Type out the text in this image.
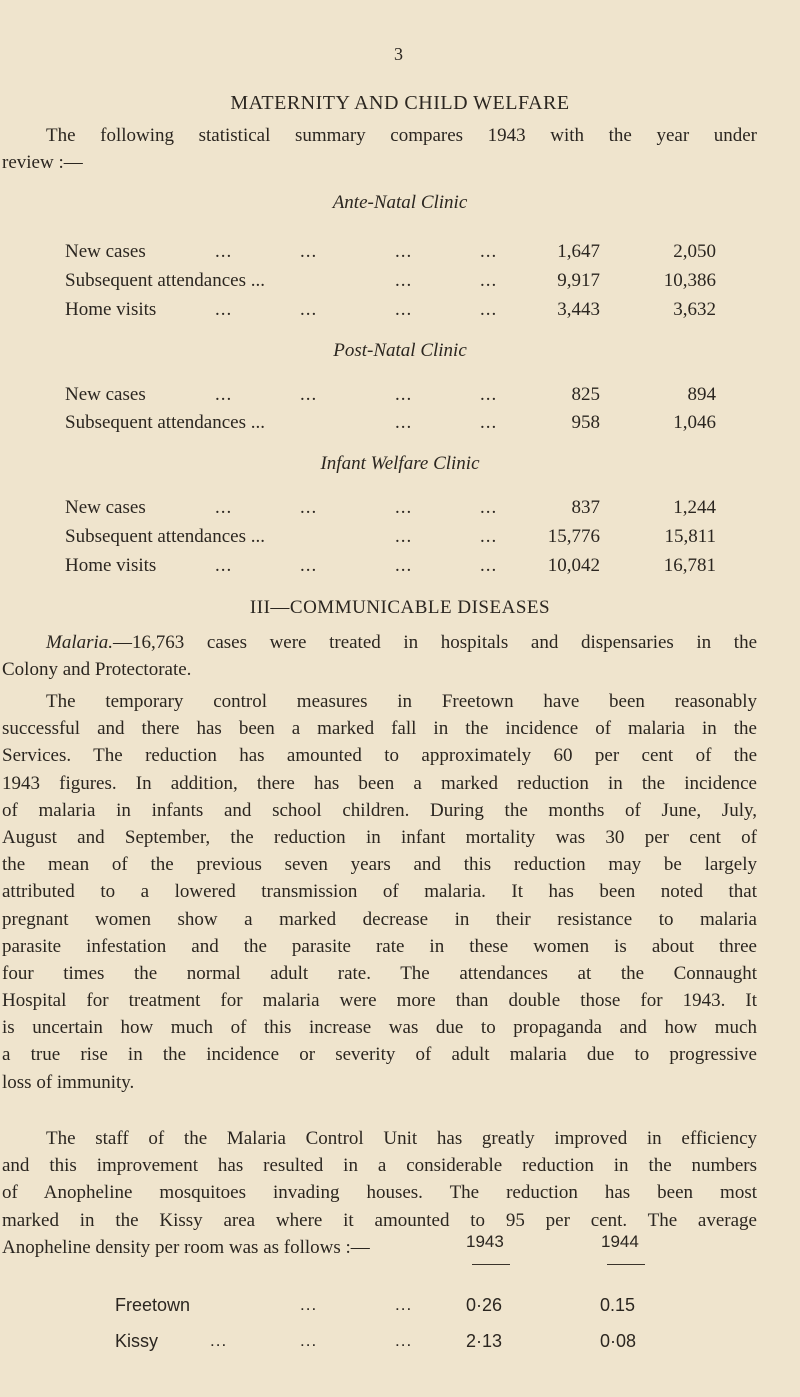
3
MATERNITY AND CHILD WELFARE
The following statistical summary compares 1943 with the year under
review :—
Ante-Natal Clinic
New cases	...	...	...	...	1,647	2,050
Subsequent attendances ...	...	...	9,917	10,386
Home visits	...	...	...	...	3,443	3,632
Post-Natal Clinic
New cases	...	...	...	...	825	894
Subsequent attendances ...	...	...	958	1,046
Infant Welfare Clinic
New cases	...	...	...	...	837	1,244
Subsequent attendances ...	...	...	15,776	15,811
Home visits	...	...	...	...	10,042	16,781
III—COMMUNICABLE DISEASES
Malaria.—16,763 cases were treated in hospitals and dispensaries in the
Colony and Protectorate.
The temporary control measures in Freetown have been reasonably
successful and there has been a marked fall in the incidence of malaria in the
Services. The reduction has amounted to approximately 60 per cent of the
1943 figures. In addition, there has been a marked reduction in the incidence
of malaria in infants and school children. During the months of June, July,
August and September, the reduction in infant mortality was 30 per cent of
the mean of the previous seven years and this reduction may be largely
attributed to a lowered transmission of malaria. It has been noted that
pregnant women show a marked decrease in their resistance to malaria
parasite infestation and the parasite rate in these women is about three
four times the normal adult rate. The attendances at the Connaught
Hospital for treatment for malaria were more than double those for 1943. It
is uncertain how much of this increase was due to propaganda and how much
a true rise in the incidence or severity of adult malaria due to progressive
loss of immunity.
The staff of the Malaria Control Unit has greatly improved in efficiency
and this improvement has resulted in a considerable reduction in the numbers
of Anopheline mosquitoes invading houses. The reduction has been most
marked in the Kissy area where it amounted to 95 per cent. The average
Anopheline density per room was as follows :—	1943	1944
Freetown	...	...	0·26	0.15
Kissy	...	...	...	2·13	0·08
